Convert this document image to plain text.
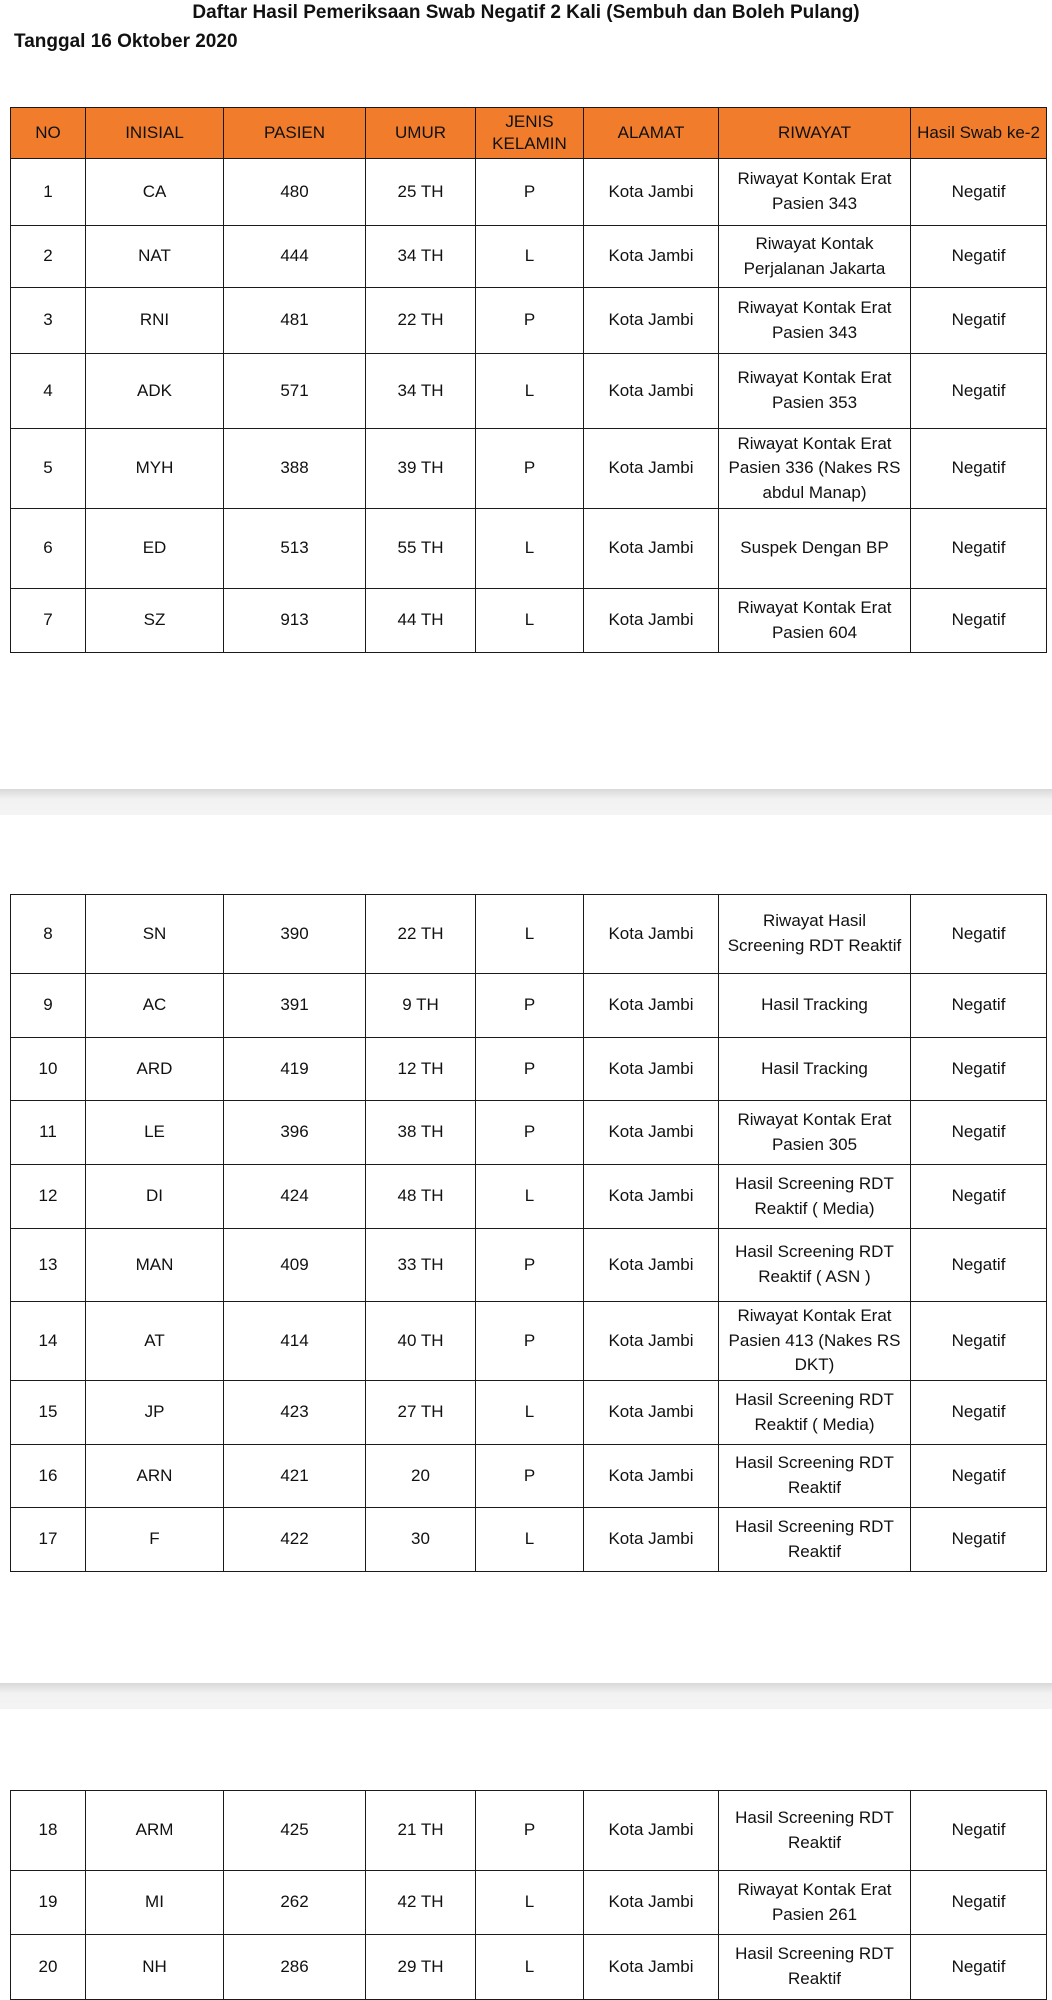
Daftar Hasil Pemeriksaan Swab Negatif 2 Kali (Sembuh dan Boleh Pulang)
Tanggal 16 Oktober 2020
NO	INISIAL	PASIEN	UMUR	JENIS KELAMIN	ALAMAT	RIWAYAT	Hasil Swab ke-2
1	CA	480	25 TH	P	Kota Jambi	Riwayat Kontak Erat Pasien 343	Negatif
2	NAT	444	34 TH	L	Kota Jambi	Riwayat Kontak Perjalanan Jakarta	Negatif
3	RNI	481	22 TH	P	Kota Jambi	Riwayat Kontak Erat Pasien 343	Negatif
4	ADK	571	34 TH	L	Kota Jambi	Riwayat Kontak Erat Pasien 353	Negatif
5	MYH	388	39 TH	P	Kota Jambi	Riwayat Kontak Erat Pasien 336 (Nakes RS abdul Manap)	Negatif
6	ED	513	55 TH	L	Kota Jambi	Suspek Dengan BP	Negatif
7	SZ	913	44 TH	L	Kota Jambi	Riwayat Kontak Erat Pasien 604	Negatif
8	SN	390	22 TH	L	Kota Jambi	Riwayat Hasil Screening RDT Reaktif	Negatif
9	AC	391	9 TH	P	Kota Jambi	Hasil Tracking	Negatif
10	ARD	419	12 TH	P	Kota Jambi	Hasil Tracking	Negatif
11	LE	396	38 TH	P	Kota Jambi	Riwayat Kontak Erat Pasien 305	Negatif
12	DI	424	48 TH	L	Kota Jambi	Hasil Screening RDT Reaktif ( Media)	Negatif
13	MAN	409	33 TH	P	Kota Jambi	Hasil Screening RDT Reaktif ( ASN )	Negatif
14	AT	414	40 TH	P	Kota Jambi	Riwayat Kontak Erat Pasien 413 (Nakes RS DKT)	Negatif
15	JP	423	27 TH	L	Kota Jambi	Hasil Screening RDT Reaktif ( Media)	Negatif
16	ARN	421	20	P	Kota Jambi	Hasil Screening RDT Reaktif	Negatif
17	F	422	30	L	Kota Jambi	Hasil Screening RDT Reaktif	Negatif
18	ARM	425	21 TH	P	Kota Jambi	Hasil Screening RDT Reaktif	Negatif
19	MI	262	42 TH	L	Kota Jambi	Riwayat Kontak Erat Pasien 261	Negatif
20	NH	286	29 TH	L	Kota Jambi	Hasil Screening RDT Reaktif	Negatif
